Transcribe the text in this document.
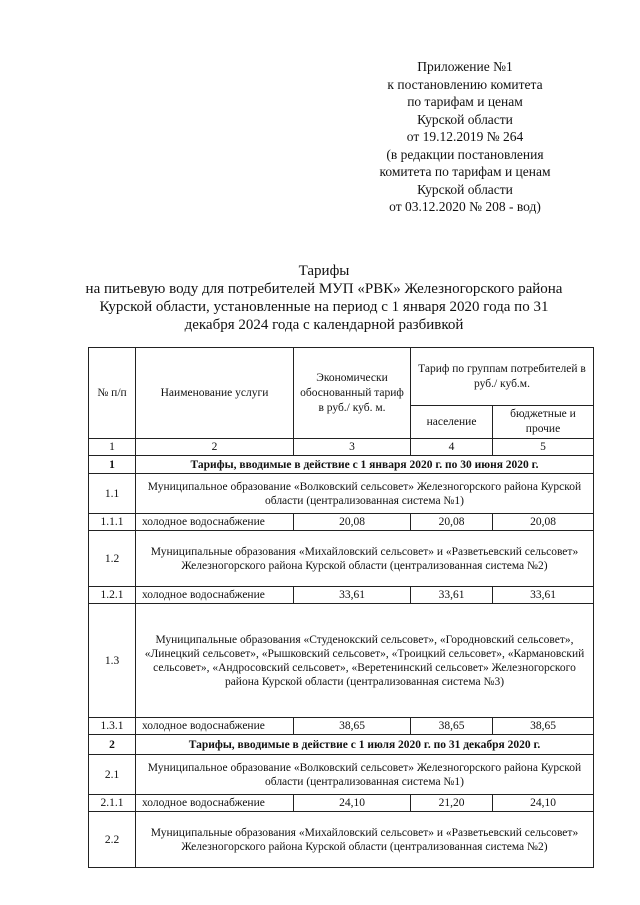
Приложение №1
к постановлению комитета
по тарифам и ценам
Курской области
от 19.12.2019 № 264
(в редакции постановления
комитета по тарифам и ценам
Курской области
от 03.12.2020 № 208 - вод)
Тарифы
на питьевую воду для потребителей МУП «РВК» Железногорского района
Курской области, установленные на период с 1 января 2020 года по 31
декабря 2024 года с календарной разбивкой
№ п/п	Наименование услуги	Экономически обоснованный тариф в руб./ куб. м.	Тариф по группам потребителей в руб./ куб.м.	
			население	бюджетные и прочие
1	2	3	4	5
1	Тарифы, вводимые в действие с 1 января 2020 г. по 30 июня 2020 г.			
1.1	Муниципальное образование «Волковский сельсовет» Железногорского района Курской области (централизованная система №1)			
1.1.1	холодное водоснабжение	20,08	20,08	20,08
1.2	Муниципальные образования «Михайловский сельсовет» и «Разветьевский сельсовет» Железногорского района Курской области (централизованная система №2)			
1.2.1	холодное водоснабжение	33,61	33,61	33,61
1.3	Муниципальные образования «Студенокский сельсовет», «Городновский сельсовет», «Линецкий сельсовет», «Рышковский сельсовет», «Троицкий сельсовет», «Кармановский сельсовет», «Андросовский сельсовет», «Веретенинский сельсовет» Железногорского района Курской области (централизованная система №3)			
1.3.1	холодное водоснабжение	38,65	38,65	38,65
2	Тарифы, вводимые в действие с 1 июля 2020 г. по 31 декабря 2020 г.			
2.1	Муниципальное образование «Волковский сельсовет» Железногорского района Курской области (централизованная система №1)			
2.1.1	холодное водоснабжение	24,10	21,20	24,10
2.2	Муниципальные образования «Михайловский сельсовет» и «Разветьевский сельсовет» Железногорского района Курской области (централизованная система №2)			
